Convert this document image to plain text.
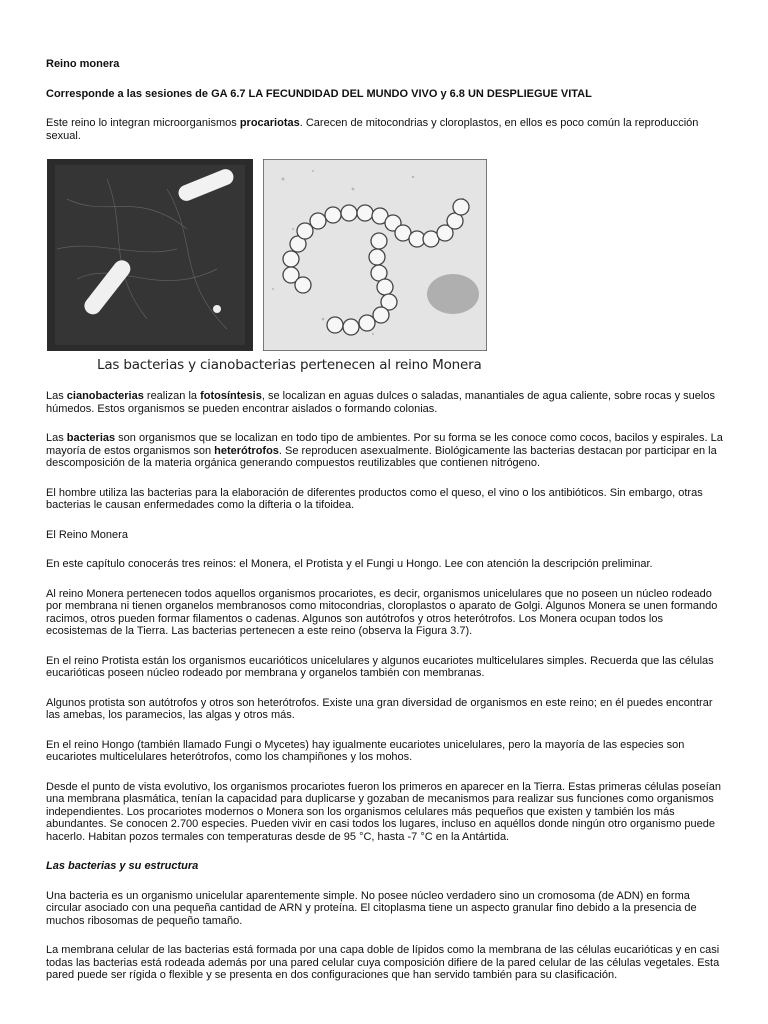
Reino monera
Corresponde a las sesiones de GA 6.7 LA FECUNDIDAD DEL MUNDO VIVO y 6.8 UN DESPLIEGUE VITAL

Este reino lo integran microorganismos procariotas. Carecen de mitocondrias y cloroplastos, en ellos es poco común la reproducción sexual.

Las bacterias y cianobacterias pertenecen al reino Monera

Las cianobacterias realizan la fotosíntesis, se localizan en aguas dulces o saladas, manantiales de agua caliente, sobre rocas y suelos húmedos. Estos organismos se pueden encontrar aislados o formando colonias.

Las bacterias son organismos que se localizan en todo tipo de ambientes. Por su forma se les conoce como cocos, bacilos y espirales. La mayoría de estos organismos son heterótrofos. Se reproducen asexualmente. Biológicamente las bacterias destacan por participar en la descomposición de la materia orgánica generando compuestos reutilizables que contienen nitrógeno.

El hombre utiliza las bacterias para la elaboración de diferentes productos como el queso, el vino o los antibióticos. Sin embargo, otras bacterias le causan enfermedades como la difteria o la tifoidea.

El Reino Monera

En este capítulo conocerás tres reinos: el Monera, el Protista y el Fungi u Hongo. Lee con atención la descripción preliminar.

Al reino Monera pertenecen todos aquellos organismos procariotes, es decir, organismos unicelulares que no poseen un núcleo rodeado por membrana ni tienen organelos membranosos como mitocondrias, cloroplastos o aparato de Golgi. Algunos Monera se unen formando racimos, otros pueden formar filamentos o cadenas. Algunos son autótrofos y otros heterótrofos. Los Monera ocupan todos los ecosistemas de la Tierra. Las bacterias pertenecen a este reino (observa la Figura 3.7).

En el reino Protista están los organismos eucarióticos unicelulares y algunos eucariotes multicelulares simples. Recuerda que las células eucarióticas poseen núcleo rodeado por membrana y organelos también con membranas.

Algunos protista son autótrofos y otros son heterótrofos. Existe una gran diversidad de organismos en este reino; en él puedes encontrar las amebas, los paramecios, las algas y otros más.

En el reino Hongo (también llamado Fungi o Mycetes) hay igualmente eucariotes unicelulares, pero la mayoría de las especies son eucariotes multicelulares heterótrofos, como los champiñones y los mohos.

Desde el punto de vista evolutivo, los organismos procariotes fueron los primeros en aparecer en la Tierra. Estas primeras células poseían una membrana plasmática, tenían la capacidad para duplicarse y gozaban de mecanismos para realizar sus funciones como organismos independientes. Los procariotes modernos o Monera son los organismos celulares más pequeños que existen y también los más abundantes. Se conocen 2.700 especies. Pueden vivir en casi todos los lugares, incluso en aquéllos donde ningún otro organismo puede hacerlo. Habitan pozos termales con temperaturas desde de 95 °C, hasta -7 °C en la Antártida.

Las bacterias y su estructura

Una bacteria es un organismo unicelular aparentemente simple. No posee núcleo verdadero sino un cromosoma (de ADN) en forma circular asociado con una pequeña cantidad de ARN y proteína. El citoplasma tiene un aspecto granular fino debido a la presencia de muchos ribosomas de pequeño tamaño.

La membrana celular de las bacterias está formada por una capa doble de lípidos como la membrana de las células eucarióticas y en casi todas las bacterias está rodeada además por una pared celular cuya composición difiere de la pared celular de las células vegetales. Esta pared puede ser rígida o flexible y se presenta en dos configuraciones que han servido también para su clasificación.
